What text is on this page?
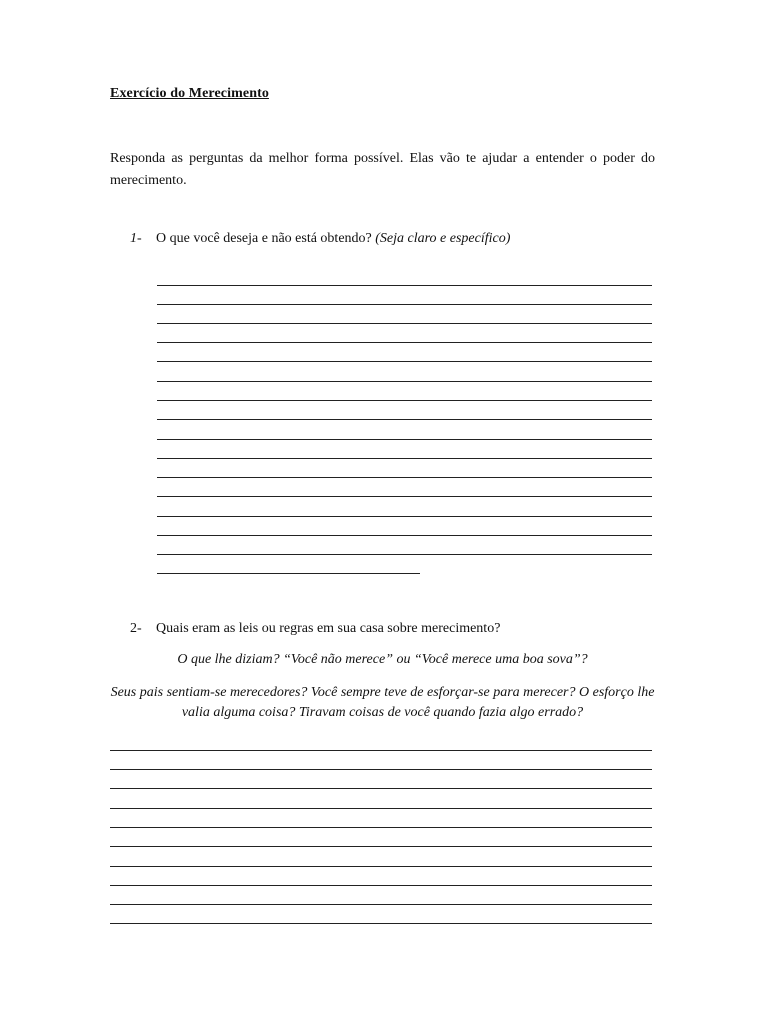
Exercício do Merecimento
Responda as perguntas da melhor forma possível. Elas vão te ajudar a entender o poder do merecimento.
1- O que você deseja e não está obtendo? (Seja claro e específico)
2- Quais eram as leis ou regras em sua casa sobre merecimento?
O que lhe diziam? “Você não merece” ou “Você merece uma boa sova”?
Seus pais sentiam-se merecedores? Você sempre teve de esforçar-se para merecer? O esforço lhe valia alguma coisa? Tiravam coisas de você quando fazia algo errado?
